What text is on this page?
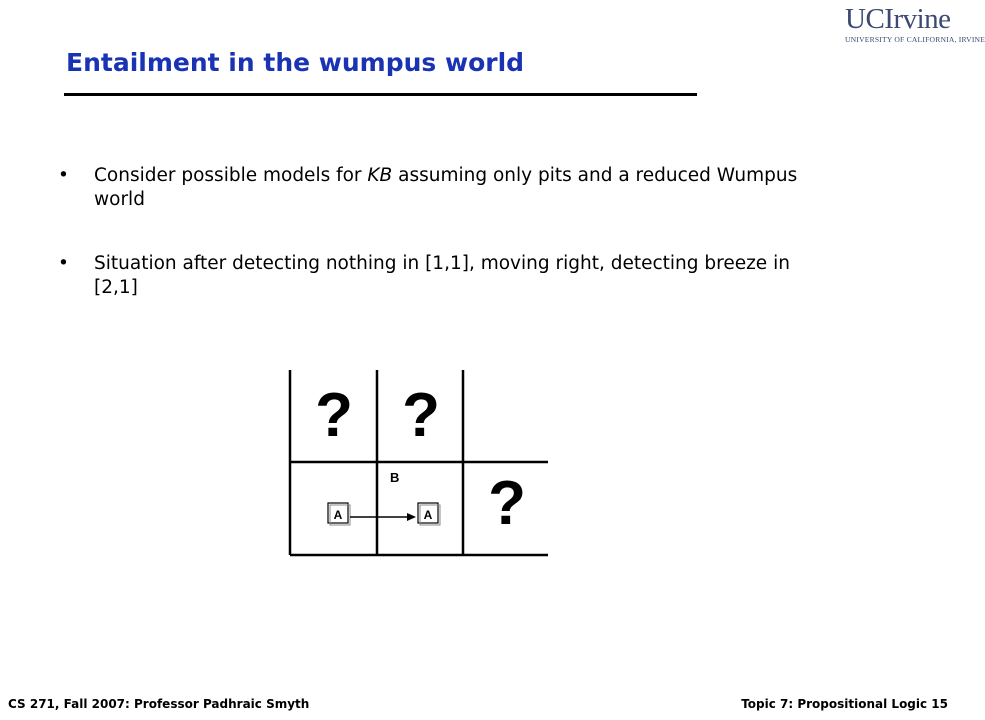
UCIrvine
UNIVERSITY OF CALIFORNIA, IRVINE
Entailment in the wumpus world
• Consider possible models for KB assuming only pits and a reduced Wumpus world
• Situation after detecting nothing in [1,1], moving right, detecting breeze in [2,1]
? ?
?
B
A	A
CS 271, Fall 2007: Professor Padhraic Smyth	Topic 7: Propositional Logic 15
